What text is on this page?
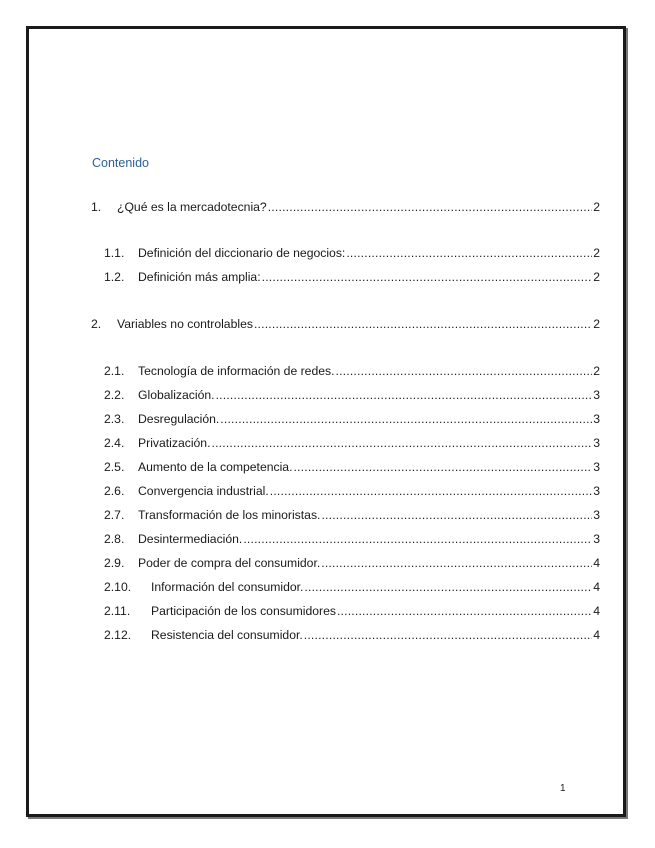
Contenido
1.	¿Qué es la mercadotecnia? .....	2
1.1.	Definición del diccionario de negocios: .....	2
1.2.	Definición más amplia: .....	2
2.	Variables no controlables .....	2
2.1.	Tecnología de información de redes. .....	2
2.2.	Globalización. .....	3
2.3.	Desregulación. .....	3
2.4.	Privatización. .....	3
2.5.	Aumento de la competencia. .....	3
2.6.	Convergencia industrial. .....	3
2.7.	Transformación de los minoristas. .....	3
2.8.	Desintermediación. .....	3
2.9.	Poder de compra del consumidor. .....	4
2.10.	Información del consumidor. .....	4
2.11.	Participación de los consumidores .....	4
2.12.	Resistencia del consumidor. .....	4
1
